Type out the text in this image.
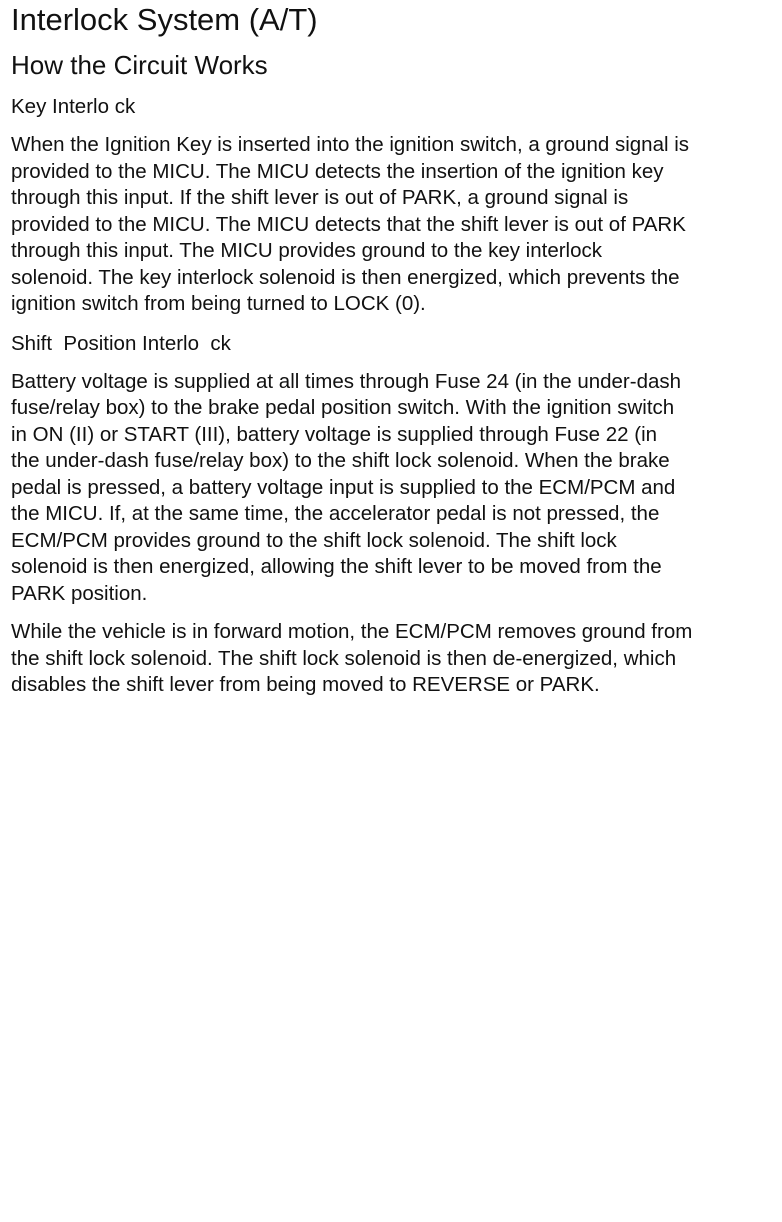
Interlock System (A/T)
How the Circuit Works
Key Interlo ck

When the Ignition Key is inserted into the ignition switch, a ground signal is
provided to the MICU. The MICU detects the insertion of the ignition key
through this input. If the shift lever is out of PARK, a ground signal is
provided to the MICU. The MICU detects that the shift lever is out of PARK
through this input. The MICU provides ground to the key interlock
solenoid. The key interlock solenoid is then energized, which prevents the
ignition switch from being turned to LOCK (0).

Shift  Position Interlo  ck

Battery voltage is supplied at all times through Fuse 24 (in the under-dash
fuse/relay box) to the brake pedal position switch. With the ignition switch
in ON (II) or START (III), battery voltage is supplied through Fuse 22 (in
the under-dash fuse/relay box) to the shift lock solenoid. When the brake
pedal is pressed, a battery voltage input is supplied to the ECM/PCM and
the MICU. If, at the same time, the accelerator pedal is not pressed, the
ECM/PCM provides ground to the shift lock solenoid. The shift lock
solenoid is then energized, allowing the shift lever to be moved from the
PARK position.

While the vehicle is in forward motion, the ECM/PCM removes ground from
the shift lock solenoid. The shift lock solenoid is then de-energized, which
disables the shift lever from being moved to REVERSE or PARK.
